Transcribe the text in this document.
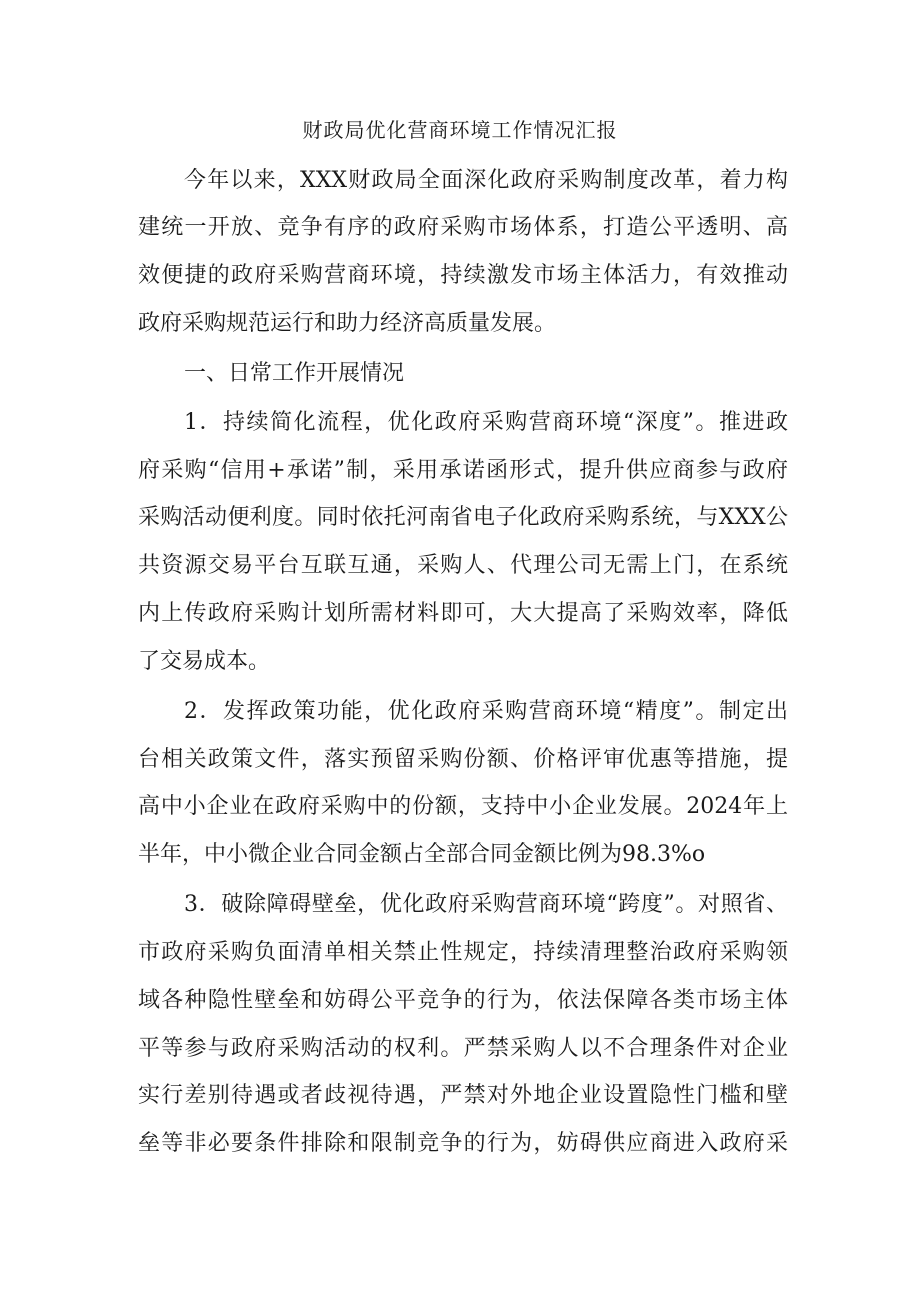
财政局优化营商环境工作情况汇报
今年以来，XXX财政局全面深化政府采购制度改革，着力构
建统一开放、竞争有序的政府采购市场体系，打造公平透明、高
效便捷的政府采购营商环境，持续激发市场主体活力，有效推动
政府采购规范运行和助力经济高质量发展。
一、日常工作开展情况
1．持续简化流程，优化政府采购营商环境“深度”。推进政
府采购“信用+承诺”制，采用承诺函形式，提升供应商参与政府
采购活动便利度。同时依托河南省电子化政府采购系统，与XXX公
共资源交易平台互联互通，采购人、代理公司无需上门，在系统
内上传政府采购计划所需材料即可，大大提高了采购效率，降低
了交易成本。
2．发挥政策功能，优化政府采购营商环境“精度”。制定出
台相关政策文件，落实预留采购份额、价格评审优惠等措施，提
高中小企业在政府采购中的份额，支持中小企业发展。2024年上
半年，中小微企业合同金额占全部合同金额比例为98.3%o
3．破除障碍壁垒，优化政府采购营商环境“跨度”。对照省、
市政府采购负面清单相关禁止性规定，持续清理整治政府采购领
域各种隐性壁垒和妨碍公平竞争的行为，依法保障各类市场主体
平等参与政府采购活动的权利。严禁采购人以不合理条件对企业
实行差别待遇或者歧视待遇，严禁对外地企业设置隐性门槛和壁
垒等非必要条件排除和限制竞争的行为，妨碍供应商进入政府采
